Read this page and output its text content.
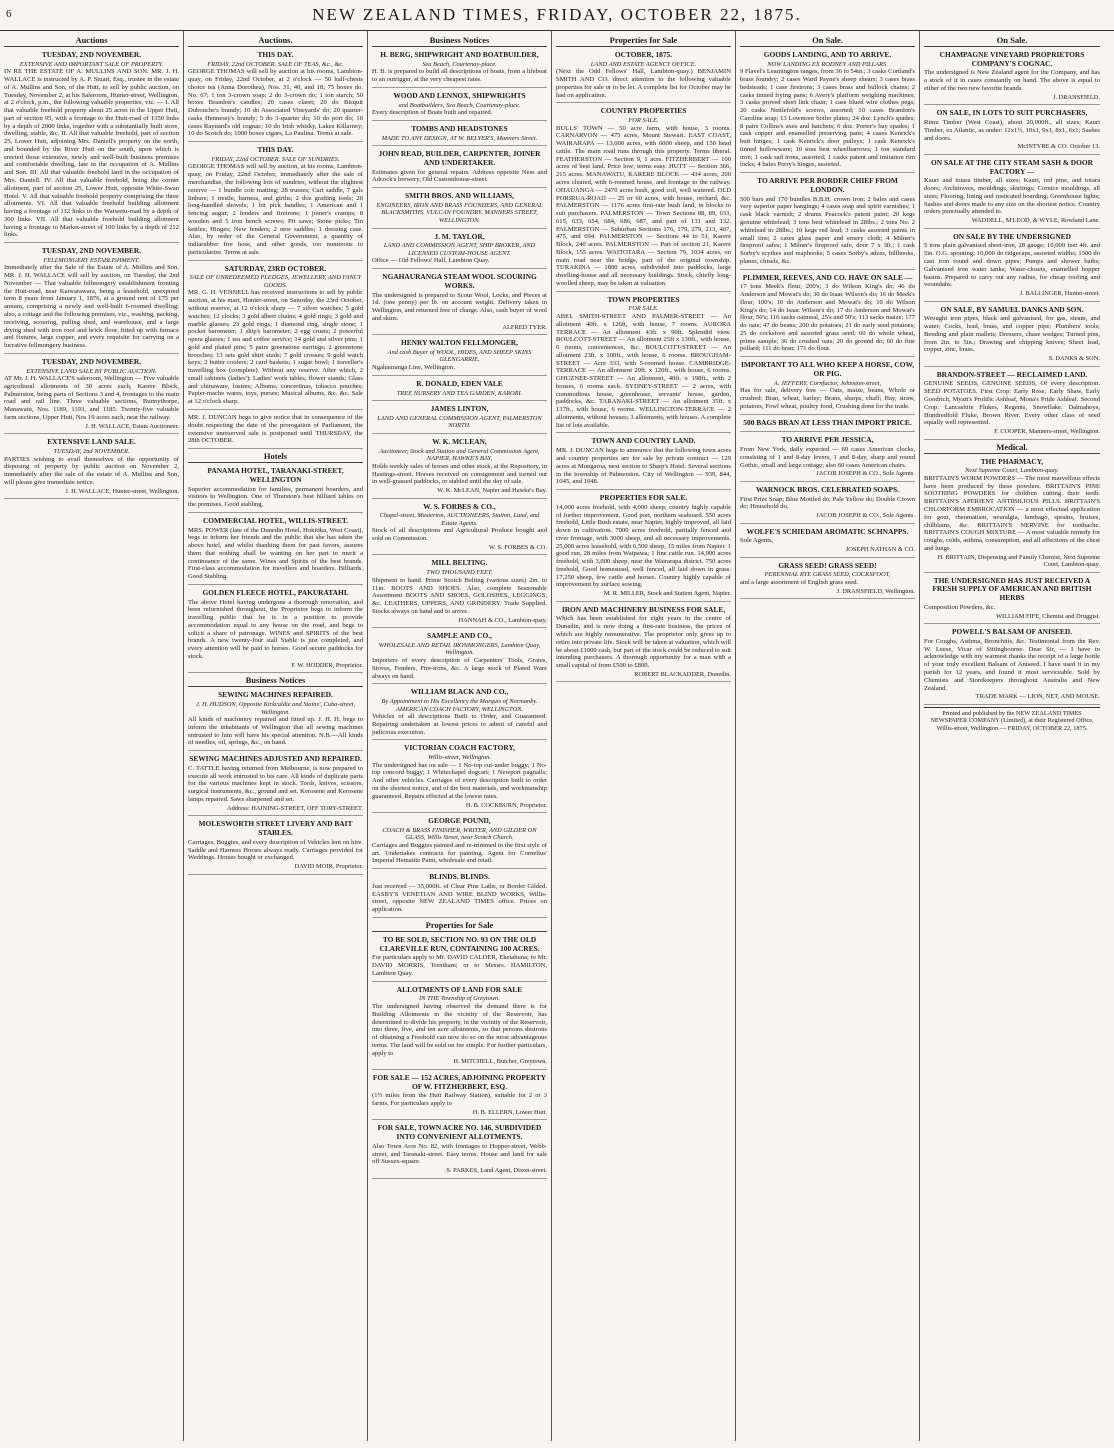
6	NEW ZEALAND TIMES, FRIDAY, OCTOBER 22, 1875.
Auctions
TUESDAY, 2ND NOVEMBER.
EXTENSIVE AND IMPORTANT SALE OF PROPERTY.

IN RE THE ESTATE OF A. MULLINS AND SON. MR. J. H. WALLACE is instructed by A. P. Stuart, Esq., trustee in the estate of A. Mullins and Son, of the Hutt, to sell by public auction, on Tuesday, November 2, at his Saleroom, Hunter-street, Wellington, at 2 o'clock, p.m., the following valuable properties, viz. — I. All that valuable freehold property about 25 acres in the Upper Hutt, part of section 95, with a frontage to the Hutt-road of 1350 links by a depth of 2000 links, together with a substantially built store, dwelling, stable, &c. II. All that valuable freehold, part of section 25, Lower Hutt, adjoining Mrs. Daniell's property on the north, and bounded by the River Hutt on the south, upon which is erected those extensive, newly and well-built business premises and comfortable dwelling, late in the occupation of A. Mullins and Son. III. All that valuable freehold land in the occupation of Mrs. Daniell. IV. All that valuable freehold, being the corner allotment, part of section 25, Lower Hutt, opposite White-Swan Hotel. V. All that valuable freehold property comprising the three allotments. VI. All that valuable freehold building allotment having a frontage of 112 links to the Waiwetu-road by a depth of 300 links. VII. All that valuable freehold building allotment having a frontage to Market-street of 100 links by a depth of 212 links.

TUESDAY, 2ND NOVEMBER.
FELLMONGERY ESTABLISHMENT.

Immediately after the Sale of the Estate of A. Mullins and Son. MR. J. H. WALLACE will sell by auction, on Tuesday, the 2nd November — That valuable fellmongery establishment fronting the Hutt-road, near Kaiwarawara, being a leasehold, unexpired term 8 years from January 1, 1876, at a ground rent of £75 per annum, comprising a newly and well-built 6-roomed dwelling; also, a cottage and the following premises, viz., washing, packing, receiving, scouring, pulling shed, and warehouse, and a large drying shed with iron roof and brick floor, fitted up with furnace and fixtures, large copper, and every requisite for carrying on a lucrative fellmongery business.

TUESDAY, 2ND NOVEMBER.
EXTENSIVE LAND SALE BY PUBLIC AUCTION.

AT Mr. J. H. WALLACE'S saleroom, Wellington — Five valuable agricultural allotments of 30 acres each, Karere Block, Palmerston, being parts of Sections 3 and 4, frontages to the main road and rail line. Three valuable sections, Bunnythorpe, Manawatu, Nos. 1189, 1193, and 1185. Twenty-five valuable farm sections, Upper Hutt, Nos 19 acres each, near the railway.

J. H. WALLACE, Estate Auctioneer.
EXTENSIVE LAND SALE.
TUESDAY, 2nd NOVEMBER.

PARTIES wishing to avail themselves of the opportunity of disposing of property by public auction on November 2, immediately after the sale of the estate of A. Mullins and Son, will please give immediate notice.

J. H. WALLACE, Hunter-street, Wellington.
Auctions.
THIS DAY.
FRIDAY, 22nd OCTOBER. SALE OF TEAS, &c., &c.

GEORGE THOMAS will sell by auction at his rooms, Lambton-quay, on Friday, 22nd October, at 2 o'clock — 50 half-chests choice tea (Anna Dorothea), Nos. 31, 40, and 18; 75 boxes do. No. 67; 1 ton 3-crown soap; 2 do 3-crown do; 1 ton starch; 50 boxes Brandon's candles; 20 cases claret; 20 do Bisquit Dubouche's brandy; 10 do Associated Vineyards' do; 20 quarter-casks Hennessy's brandy; 5 do 3-quarter do; 10 do port do; 10 cases Raynard's old cognac; 10 do Irish whisky, Lakes Killarney; 10 do Scotch do; 1000 boxes cigars, La Paulina. Terms at sale.

THIS DAY.
FRIDAY, 22nd OCTOBER. SALE OF SUNDRIES.

GEORGE THOMAS will sell by auction, at his rooms, Lambton-quay, on Friday, 22nd October, immediately after the sale of merchandise, the following lots of sundries, without the slightest reserve — 1 bundle coir matting; 28 trusses; Cart saddle, 7 gals linburs; 1 trestle, harness, and girths; 2 doz grafting tools; 20 long-handled shovels; 1 bit pick handles; 1 American and 1 fencing augur; 2 fenders and fireirons; 1 joiner's cramps; 8 wooden and 5 iron bench screws; Pit saws; Stone picks; Tin kettles; Hinges; New fenders; 2 new saddles; 1 dressing case. Also, by order of the General Government, a quantity of indiarubber fire hose, and other goods, too numerous to particularize. Terms at sale.

SATURDAY, 23RD OCTOBER.
SALE OF UNREDEEMED PLEDGES, JEWELLERY, AND FANCY GOODS.

MR. G. H. VENNELL has received instructions to sell by public auction, at his mart, Hunter-street, on Saturday, the 23rd October, without reserve, at 12 o'clock sharp — 7 silver watches; 5 gold watches; 12 clocks; 3 gold albert chains; 4 gold rings; 3 gold and marble glasses; 23 gold rings; 1 diamond ring, single stone; 1 pocket barometer; 1 ship's barometer; 2 egg cruets; 2 powerful opera glasses; 1 tea and coffee service; 14 gold and silver pins; 1 gold and plated pins; 5 pairs greenstone earrings; 2 greenstone brooches; 13 sets gold shirt studs; 7 gold crosses; 9 gold watch keys; 2 butter coolers; 2 card baskets; 1 sugar bowl; 1 traveller's travelling box (complete). Without any reserve. After which, 2 small cabinets (ladies'); Ladies' work tables, flower stands; Glass and chinaware, lustres; Albums, concertinas, tobacco pouches; Papier-mache wares, toys, purses; Musical albums, &c. &c. Sale at 12 o'clock sharp.

MR. J. DUNCAN begs to give notice that in consequence of the doubt respecting the date of the prorogation of Parliament, the extensive unreserved sale is postponed until THURSDAY, the 28th OCTOBER.

Hotels
PANAMA HOTEL, TARANAKI-STREET, WELLINGTON

Superior accommodation for families, permanent boarders, and visitors to Wellington. One of Thurston's best billiard tables on the premises. Good stabling.

COMMERCIAL HOTEL, WILLIS-STREET.

MRS. POWER (late of the Dunedin Hotel, Hokitika, West Coast), begs to inform her friends and the public that she has taken the above hotel, and whilst thanking them for past favors, assures them that nothing shall be wanting on her part to merit a continuance of the same. Wines and Spirits of the best brands. First-class accommodation for travellers and boarders. Billiards. Good Stabling.

GOLDEN FLEECE HOTEL, PAKURATAHI.

The above Hotel having undergone a thorough renovation, and been refurnished throughout, the Proprietor begs to inform the travelling public that he is in a position to provide accommodation equal to any house on the road, and begs to solicit a share of patronage. WINES and SPIRITS of the best brands. A new twenty-four stall Stable is just completed, and every attention will be paid to horses. Good secure paddocks for stock.

F. W. HODDER, Proprietor.
Business Notices
SEWING MACHINES REPAIRED.
J. H. HUDSON, Opposite Kirkcaldie and Stains', Cuba-street, Wellington.

All kinds of machinery repaired and fitted up. J. H. H. begs to inform the inhabitants of Wellington that all sewing machines entrusted to him will have his special attention. N.B.—All kinds of needles, oil, springs, &c., on hand.

SEWING MACHINES ADJUSTED AND REPAIRED.

C. TATTLE having returned from Melbourne, is now prepared to execute all work entrusted to his care. All kinds of duplicate parts for the various machines kept in stock. Tools, knives, scissors, surgical instruments, &c., ground and set. Kerosene and Kerosene lamps repaired. Saws sharpened and set.

Address: HAINING-STREET, OFF TORY-STREET.
MOLESWORTH STREET LIVERY AND BAIT STABLES.

Carriages, Buggies, and every description of Vehicles lent on hire. Saddle and Harness Horses always ready. Carriages provided for Weddings. Horses bought or exchanged.

DAVID MOIR, Proprietor.
Business Notices
H. BERG, SHIPWRIGHT AND BOATBUILDER,
Sea Beach, Courtenay-place.

H. B. is prepared to build all descriptions of boats, from a lifeboat to an outrigger, at the very cheapest rates.

WOOD AND LENNOX, SHIPWRIGHTS
and Boatbuilders, Sea Beach, Courtenay-place.

Every description of Boats built and repaired.

TOMBS AND HEADSTONES
MADE TO ANY DESIGN, AT W. BELYER'S, Manners Street.
JOHN READ, BUILDER, CARPENTER, JOINER AND UNDERTAKER.

Estimates given for general repairs. Address opposite Ness and Adcock's brewery, Old Customhouse-street.

SMITH BROS. AND WILLIAMS,
ENGINEERS, IRON AND BRASS FOUNDERS, AND GENERAL BLACKSMITHS. VULCAN FOUNDRY, MANNERS STREET, WELLINGTON.
J. M. TAYLOR,
LAND AND COMMISSION AGENT, SHIP BROKER, AND LICENSED CUSTOM-HOUSE AGENT.

Office — Old Fellows' Hall, Lambton Quay.

NGAHAURANGA STEAM WOOL SCOURING WORKS.

The undersigned is prepared to Scour Wool, Locks, and Pieces at 1d. (one penny) per lb. on account weight. Delivery taken in Wellington, and returned free of charge. Also, cash buyer of wool and skins.

ALFRED TYER.
HENRY WALTON FELLMONGER,
And cash Buyer of WOOL, HIDES, AND SHEEP SKINS GLENGARRIE.

Ngahauranga Line, Wellington.

R. DONALD, EDEN VALE
TREE NURSERY AND TEA GARDEN, KARORI.
JAMES LINTON,
LAND AND GENERAL COMMISSION AGENT, PALMERSTON NORTH.
W. K. MCLEAN,
Auctioneer, Stock and Station and General Commission Agent, NAPIER, HAWKE'S BAY,

Holds weekly sales of horses and other stock, at the Repository, in Hastings-street. Horses received on consignment and turned out in well-grassed paddocks, or stabled until the day of sale.

W. K. McLEAN, Napier and Hawke's Bay.
W. S. FORBES & CO.,
Chapel-street, Masterton, AUCTIONEERS, Station, Land, and Estate Agents.

Stock of all descriptions and Agricultural Produce bought and sold on Commission.

W. S. FORBES & CO.
MILL BELTING.
TWO THOUSAND FEET.

Shipment to hand. Prime Scotch Belting (various sizes) 2in. to 11in. BOOTS AND SHOES. Also, complete Seasonable Assortment BOOTS AND SHOES, GOLOSHES, LEGGINGS, &c. LEATHERS, UPPERS, AND GRINDERY. Trade Supplied. Stocks always on hand and to arrive.

HANNAH & CO., Lambton-quay.
SAMPLE AND CO.,
WHOLESALE AND RETAIL IRONMONGERS, Lambton Quay, Wellington.

Importers of every description of Carpenters' Tools, Grates, Stoves, Fenders, Fire-irons, &c. A large stock of Plated Ware always on hand.

WILLIAM BLACK AND CO.,
By Appointment to His Excellency the Marquis of Normanby. AMERICAN COACH FACTORY, WELLINGTON.

Vehicles of all descriptions Built to Order, and Guaranteed. Repairing undertaken at lowest prices to admit of careful and judicious execution.

VICTORIAN COACH FACTORY,
Willis-street, Wellington.

The undersigned has on sale — 1 No-top cut-under buggy; 1 No-top concord buggy; 1 Whitechapel dogcart; 1 Newport pagnalls; And other vehicles. Carriages of every description built to order on the shortest notice, and of the best materials, and workmanship guaranteed. Repairs effected at the lowest rates.

H. B. COCKBURN, Proprietor.
GEORGE POUND,
COACH & BRASS FINISHER, WRITER, AND GILDER ON GLASS, Willis Street, near Scotch Church.

Carriages and Buggies painted and re-trimmed in the first style of art. Undertakes contracts for painting. Agent for Cornelius' Imperial Hematite Paint, wholesale and retail.

BLINDS. BLINDS.

Just received — 35,000ft. of Clear Pine Laths, or Border Gilded. EASBY'S VENETIAN AND WIRE BLIND WORKS, Willis-street, opposite NEW ZEALAND TIMES office. Prices on application.

Properties for Sale
TO BE SOLD, SECTION NO. 93 ON THE OLD CLAREVILLE RUN, CONTAINING 100 ACRES.

For particulars apply to Mr. DAVID CALDER, Eketahuna; to Mr. DAVID MORRIS, Trentham; or to Messrs. HAMILTON, Lambton Quay.

ALLOTMENTS OF LAND FOR SALE
IN THE Township of Greytown.

The undersigned having observed the demand there is for Building Allotments in the vicinity of the Reservoir, has determined to divide his property, in the vicinity of the Reservoir, into three, five, and ten acre allotments, so that persons desirous of obtaining a Freehold can now do so on the most advantageous terms. The land will be sold on fee simple. For further particulars, apply to

H. MITCHELL, Butcher, Greytown.
FOR SALE — 152 ACRES, ADJOINING PROPERTY OF W. FITZHERBERT, ESQ.

(1½ miles from the Hutt Railway Station), suitable for 2 or 3 farms. For particulars apply to

H. B. ELLERN, Lower Hutt.
FOR SALE, TOWN ACRE NO. 146, SUBDIVIDED INTO CONVENIENT ALLOTMENTS.

Also Town Acre No. 82, with frontages to Hopper-street, Webb-street, and Taranaki-street. Easy terms. House and land for sale off Sussex-square.

S. PARKES, Land Agent, Dixon-street.
Properties for Sale
OCTOBER, 1875.
LAND AND ESTATE AGENCY OFFICE.

(Next the Odd Fellows' Hall, Lambton-quay.) BENJAMIN SMITH AND CO. direct attention to the following valuable properties for sale or to be let. A complete list for October may be had on application.

COUNTRY PROPERTIES
FOR SALE.

BULLS' TOWN — 50 acre farm, with house, 3 rooms. CARNARVON — 475 acres, Mount Stewart. EAST COAST, WAIRARAPA — 13,000 acres, with 6000 sheep, and 150 head cattle. The main road runs through this property. Terms liberal. FEATHERSTON — Section 9, 1 acre. FITZHERBERT — 100 acres of best land. Price low; terms easy. HUTT — Section 366, 215 acres. MANAWATU, KARERE BLOCK — 434 acres, 200 acres cleared, with 6-roomed house, and frontage to the railway. OHAUANGA — 2470 acres bush, good soil, well watered. OLD PORIRUA-ROAD — 25 or 60 acres, with house, orchard, &c. PALMERSTON — 1176 acres first-rate bush land, in blocks to suit purchasers. PALMERSTON — Town Sections 88, 89, 633, 615, 633, 654, 684, 686, 687, and part of 131 and 132. PALMERSTON — Suburban Sections 176, 179, 279, 213, 407, 475, and 694. PALMERSTON — Sections 44 to 51, Karere Block, 240 acres. PALMERSTON — Part of section 21, Karere Block, 155 acres. WAITOTARA — Section 79, 1034 acres, on main road near the bridge, part of the original township. TURAKINA — 1800 acres, subdivided into paddocks, large dwelling-house and all necessary buildings. Stock, chiefly long-woolled sheep, may be taken at valuation.

TOWN PROPERTIES
FOR SALE.

ABEL SMITH-STREET AND PALMER-STREET — An allotment 40ft. x 126ft, with house, 7 rooms. AURORA TERRACE — An allotment 43ft. x 90ft. Splendid view. BOULCOTT-STREET — An allotment 25ft x 130ft., with house, 6 rooms, conveniences, &c. BOULCOTT-STREET — An allotment 23ft. x 100ft., with house, 6 rooms. BROUGHAM-STREET — Acre 333, with 5-roomed house. CAMBRIDGE-TERRACE — An allotment 29ft. x 120ft., with house, 6 rooms. GHUZNEE-STREET — An allotment, 40ft. x 198ft., with 2 houses, 6 rooms each. SYDNEY-STREET — 2 acres, with commodious house, greenhouse, servants' house, garden, paddocks, &c. TARANAKI-STREET — An allotment 35ft. x 137ft., with house, 6 rooms. WELLINGTON-TERRACE — 2 allotments, without houses; 3 allotments, with houses. A complete list of lots available.

TOWN AND COUNTRY LAND.

MR. J. DUNCAN begs to announce that the following town acres and country properties are for sale by private contract — 129 acres at Mungaroa, next section to Sharp's Hotel. Several sections in the township of Palmerston. City of Wellington — 939, 844, 1045, and 1048.

PROPERTIES FOR SALE.

14,000 acres freehold, with 4,000 sheep; country highly capable of further improvement. Good port, northern seaboard. 550 acres freehold, Little Bush estate, near Napier, highly improved, all laid down in cultivation. 7000 acres freehold, partially fenced and river frontage, with 3000 sheep, and all necessary improvements. 25,000 acres leasehold, with 6,500 sheep, 15 miles from Napier. 1 good run, 28 miles from Waipawa; 1 fine cattle run. 14,000 acres freehold, with 3,000 sheep, near the Wairarapa district. 750 acres freehold, Good homestead, well fenced, all laid down in grass. 17,250 sheep, few cattle and horses. Country highly capable of improvement by surface sowing.

M. R. MILLER, Stock and Station Agent, Napier.
IRON AND MACHINERY BUSINESS FOR SALE,

Which has been established for eight years in the centre of Dunedin, and is now doing a first-rate business, the prices of which are highly remunerative. The proprietor only gives up to retire into private life. Stock will be taken at valuation, which will be about £1000 cash, but part of the stock could be reduced to suit intending purchasers. A thorough opportunity for a man with a small capital of from £500 to £800.

ROBERT BLACKADDER, Dunedin.
On Sale.
GOODS LANDING, AND TO ARRIVE.
NOW LANDING EX RODNEY AND PILLARS.

9 Flavel's Leamington ranges, from 36 to 54in.; 3 casks Cortland's brass foundry; 2 cases Ward Payne's sheep shears; 3 cases brass bedsteads; 1 case fireirons; 3 cases brass and bullock chains; 2 casks tinned frying pans; 6 Avery's platform weighing machines; 3 casks proved short link chain; 1 case blued wire clothes pegs; 20 casks Nettlefold's screws, assorted; 10 cases Brandon's Caroline soap; 13 Lowmoor boiler plates; 24 doz. Lynch's spades; 8 pairs Collins's axes and hatchets; 6 doz. Porter's bay spades; 1 cask copper and enamelled preserving pans; 4 cases Kenrick's butt hinges; 1 cask Kenrick's door pulleys; 1 cask Kenrick's tinned hollowware; 10 tons best wheelbarrows; 1 ton standard iron; 1 cask sad irons, assorted; 1 casks patent and imitation rim locks; 4 bales Perry's hinges, assorted.

TO ARRIVE PER BORDER CHIEF FROM LONDON.

500 bars and 170 bundles B.B.H. crown iron; 2 bales and cases very superior paper hangings; 4 cases soap and spirit varnishes; 1 cask black varnish; 2 drums Peacock's patent paint; 20 kegs genuine whitelead; 3 tons best whitelead in 28lbs.; 2 tons No. 2 whitelead in 28lbs.; 10 kegs red lead; 3 casks assorted paints in small tins; 2 cases glass paper and emery cloth; 4 Milner's fireproof safes; 1 Milner's fireproof safe, door 7 x 3ft.; 1 cask Sorby's scythes and reaphooks; 5 cases Sorby's adzes, billhooks, planes, chisels, &c.

PLIMMER, REEVES, AND CO. HAVE ON SALE —

17 tons Meek's flour, 200's; 3 do Wilson King's do; 46 do Anderson and Mowat's do; 30 do Isaac Wilson's do; 16 do Meek's flour, 100's; 10 do Anderson and Mowat's do; 10 do Wilson King's do; 14 do Isaac Wilson's do; 17 do Anderson and Mowat's flour, 50's; 116 sacks oatmeal, 25's and 50's; 113 sacks maize; 177 do oats; 47 do beans; 200 do potatoes; 21 do early seed potatoes; 25 do cocksfoot and assorted grass seed; 60 do whole wheat, prime sample; 36 do crushed oats; 20 do ground do; 60 do fine pollard; 111 do bran; 171 do flour.

IMPORTANT TO ALL WHO KEEP A HORSE, COW, OR PIG.
A. JEFFERY, Cornfactor, Johnston-street,

Has for sale, delivery free — Oats, maize, beans, Whole or crushed; Bran, wheat, barley; Brans, sharps, chaff; Hay, straw, potatoes, Fowl wheat, poultry food, Crushing done for the trade.

500 BAGS BRAN AT LESS THAN IMPORT PRICE.
TO ARRIVE PER JESSICA,

From New York, daily expected — 60 cases American clocks, consisting of 1 and 8-day levers, 1 and 8-day, sharp and round Gothic, small and large cottage; also 60 cases American chairs.

JACOB JOSEPH & CO., Sole Agents.
WARNOCK BROS. CELEBRATED SOAPS.

First Prize Soap; Blue Mottled do; Pale Yellow do; Double Crown do; Household do.

JACOB JOSEPH & CO., Sole Agents.
WOLFE'S SCHIEDAM AROMATIC SCHNAPPS.

Sole Agents,

JOSEPH NATHAN & CO.
GRASS SEED! GRASS SEED!
PERENNIAL RYE GRASS SEED, COCKSFOOT,

and a large assortment of English grass seed.

J. DRANSFIELD, Wellington.
On Sale.
CHAMPAGNE VINEYARD PROPRIETORS COMPANY'S COGNAC.

The undersigned is New Zealand agent for the Company, and has a stock of it in cases constantly on hand. The above is equal to either of the two new favorite brands.

J. DRANSFIELD.
ON SALE, IN LOTS TO SUIT PURCHASERS,

Rimu Timber (West Coast), about 20,000ft., all sizes; Kauri Timber, ex Atlantic, as under: 12x1½, 10x1, 9x1, 8x1, 6x1; Sashes and doors.

McINTYRE & CO. October 13.
ON SALE AT THE CITY STEAM SASH & DOOR FACTORY —

Kauri and totara timber, all sizes; Kauri, red pine, and totara doors; Architraves, mouldings, skirtings; Cornice mouldings, all sizes; Flooring, lining and rusticated boarding; Greenhouse lights; Sashes and doors made to any size on the shortest notice. Country orders punctually attended to.

WADDELL, M'LEOD, & WYLE, Rowland Lane.
ON SALE BY THE UNDERSIGNED

5 tons plain galvanised sheet-iron, 28 gauge; 10,000 feet 4ft. and 5in. O.G. spouting; 10,000 do ridgecaps, assorted widths; 1500 do cast iron round and down pipes; Pumps and shower baths; Galvanised iron water tanks; Water-closets, enamelled hopper basins. Prepared to carry out any radius, for cheap roofing and verandahs.

J. BALLINGER, Hunter-street.
ON SALE, BY SAMUEL DANKS AND SON.

Wrought iron pipes, black and galvanised, for gas, steam, and water; Cocks, lead, brass, and copper pipe; Plumbers' tools; Bending and plain mallets; Dressers, chase wedges; Turned pins, from 2in. to 5in.; Drawing and chipping knives; Sheet lead, copper, zinc, brass.

S. DANKS & SON.
BRANDON-STREET — RECLAIMED LAND.

GENUINE SEEDS, GENUINE SEEDS, Of every description. SEED POTATOES. First Crop: Early Rose, Early Shaw, Early Goodrich, Myatt's Prolific Ashleaf, Mona's Pride Ashleaf. Second Crop: Lancashire Flukes, Regents, Snowflake. Dalmahoys, Hundredfold Fluke, Brown River. Every other class of seed equally well represented.

F. COOPER, Manners-street, Wellington.
Medical.
THE PHARMACY,
Next Supreme Court, Lambton-quay.

BRITTAIN'S WORM POWDERS — The most marvellous effects have been produced by these powders. BRITTAIN'S PINE SOOTHING POWDERS for children cutting their teeth. BRITTAIN'S APERIENT ANTIBILIOUS PILLS. BRITTAIN'S CHLORFORM EMBROCATION — a most effectual application for gout, rheumatism, neuralgia, lumbago, sprains, bruises, chilblains, &c. BRITTAIN'S NERVINE for toothache. BRITTAIN'S COUGH MIXTURE — A most valuable remedy for coughs, colds, asthma, consumption, and all affections of the chest and lungs.

H. BRITTAIN, Dispensing and Family Chemist, Next Supreme Court, Lambton-quay.
THE UNDERSIGNED HAS JUST RECEIVED A FRESH SUPPLY OF AMERICAN AND BRITISH HERBS

Composition Powders, &c.

WILLIAM FIFE, Chemist and Druggist.
POWELL'S BALSAM OF ANISEED.

For Coughs, Asthma, Bronchitis, &c. Testimonial from the Rev. W. Leese, Vicar of Sittingbourne. Dear Sir, — I have to acknowledge with my warmest thanks the receipt of a large bottle of your truly excellent Balsam of Aniseed. I have used it in my parish for 12 years, and found it most serviceable. Sold by Chemists and Storekeepers throughout Australia and New Zealand.

TRADE MARK — LION, NET, AND MOUSE.
Printed and published by the NEW ZEALAND TIMES NEWSPAPER COMPANY (Limited), at their Registered Office, Willis-street, Wellington — FRIDAY, OCTOBER 22, 1875.
